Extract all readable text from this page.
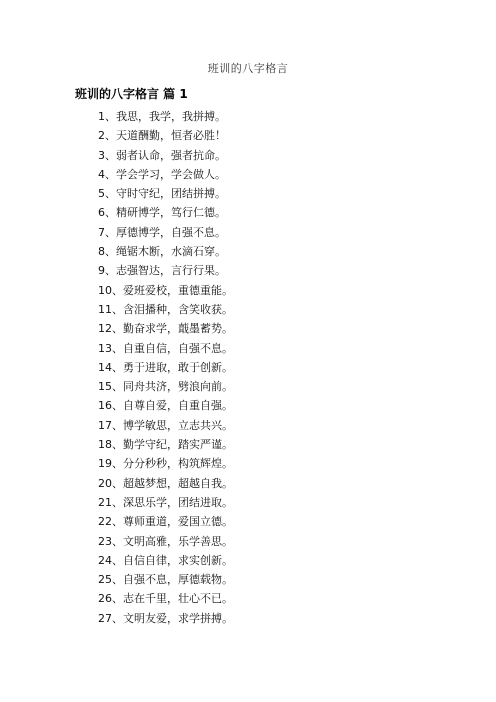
班训的八字格言
班训的八字格言 篇 1
1、我思，我学，我拼搏。
2、天道酬勤，恒者必胜！
3、弱者认命，强者抗命。
4、学会学习，学会做人。
5、守时守纪，团结拼搏。
6、精研博学，笃行仁德。
7、厚德博学，自强不息。
8、绳锯木断，水滴石穿。
9、志强智达，言行行果。
10、爱班爱校，重德重能。
11、含泪播种，含笑收获。
12、勤奋求学，蕺墨蓄势。
13、自重自信，自强不息。
14、勇于进取，敢于创新。
15、同舟共济，劈浪向前。
16、自尊自爱，自重自强。
17、博学敏思，立志共兴。
18、勤学守纪，踏实严谨。
19、分分秒秒，构筑辉煌。
20、超越梦想，超越自我。
21、深思乐学，团结进取。
22、尊师重道，爱国立德。
23、文明高雅，乐学善思。
24、自信自律，求实创新。
25、自强不息，厚德载物。
26、志在千里，壮心不已。
27、文明友爱，求学拼搏。
